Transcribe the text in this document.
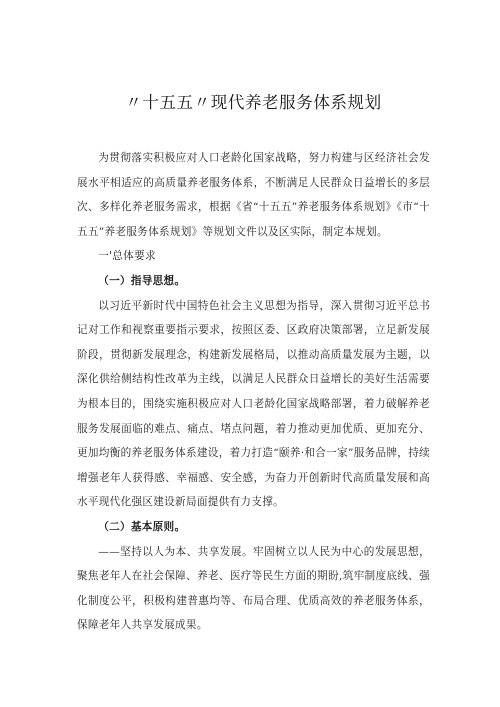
〃十五五〃现代养老服务体系规划

为贯彻落实积极应对人口老龄化国家战略，努力构建与区经济社会发展水平相适应的高质量养老服务体系，不断满足人民群众日益增长的多层次、多样化养老服务需求，根据《省“十五五”养老服务体系规划》《市“十五五”养老服务体系规划》等规划文件以及区实际，制定本规划。

一'总体要求

（一）指导思想。

以习近平新时代中国特色社会主义思想为指导，深入贯彻习近平总书记对工作和视察重要指示要求，按照区委、区政府决策部署，立足新发展阶段，贯彻新发展理念，构建新发展格局，以推动高质量发展为主题，以深化供给侧结构性改革为主线，以满足人民群众日益增长的美好生活需要为根本目的，围绕实施积极应对人口老龄化国家战略部署，着力破解养老服务发展面临的难点、痛点、堵点问题，着力推动更加优质、更加充分、更加均衡的养老服务体系建设，着力打造“颐养·和合一家”服务品牌，持续增强老年人获得感、幸福感、安全感，为奋力开创新时代高质量发展和高水平现代化强区建设新局面提供有力支撑。

（二）基本原则。

——坚持以人为本、共享发展。牢固树立以人民为中心的发展思想，聚焦老年人在社会保障、养老、医疗等民生方面的期盼,筑牢制度底线、强化制度公平，积极构建普惠均等、布局合理、优质高效的养老服务体系，保障老年人共享发展成果。
